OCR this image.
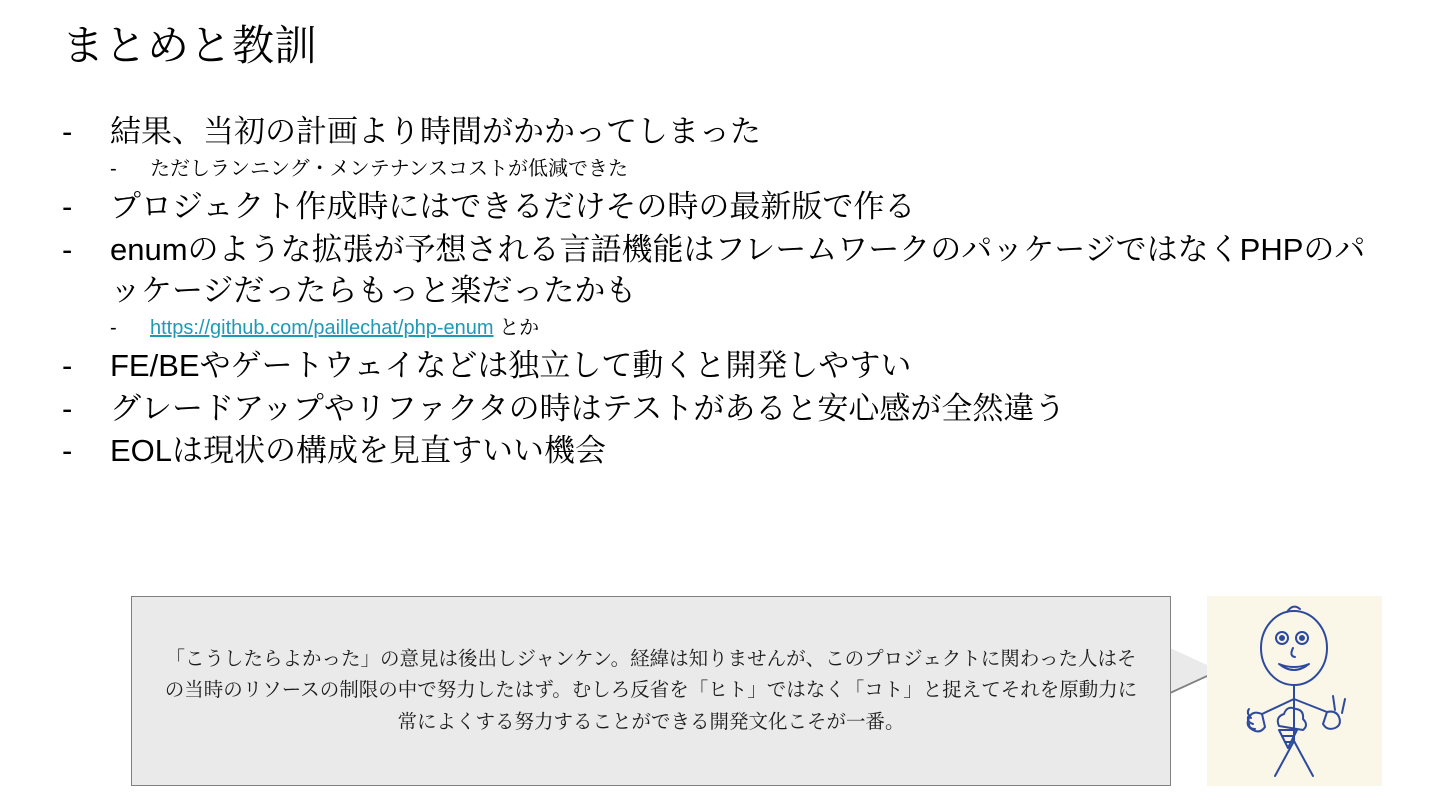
まとめと教訓
-	結果、当初の計画より時間がかかってしまった
-	ただしランニング・メンテナンスコストが低減できた
-	プロジェクト作成時にはできるだけその時の最新版で作る
-	enumのような拡張が予想される言語機能はフレームワークのパッケージではなくPHPのパッケージだったらもっと楽だったかも
-	https://github.com/paillechat/php-enum とか
-	FE/BEやゲートウェイなどは独立して動くと開発しやすい
-	グレードアップやリファクタの時はテストがあると安心感が全然違う
-	EOLは現状の構成を見直すいい機会
「こうしたらよかった」の意見は後出しジャンケン。経緯は知りませんが、このプロジェクトに関わった人はその当時のリソースの制限の中で努力したはず。むしろ反省を「ヒト」ではなく「コト」と捉えてそれを原動力に常によくする努力することができる開発文化こそが一番。
